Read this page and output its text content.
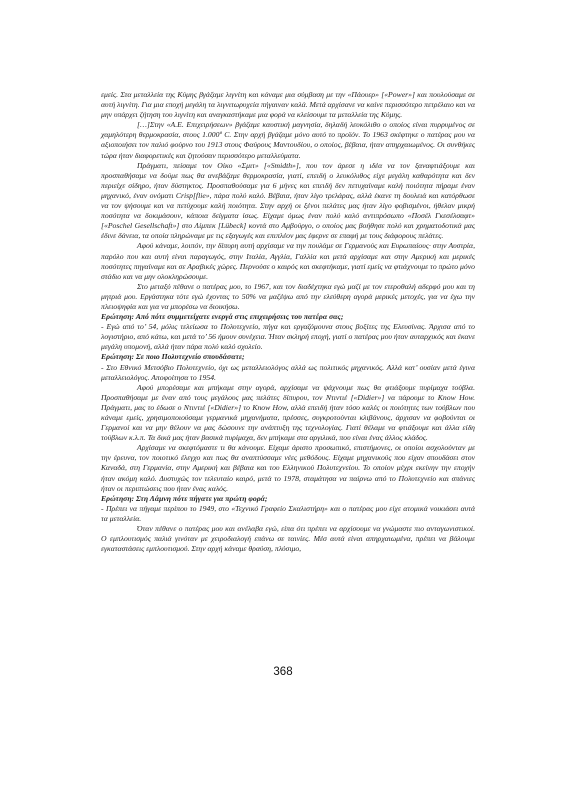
εμείς. Στα μεταλλεία της Κύμης βγάζαμε λιγνίτη και κάναμε μια σύμβαση με την «Πάουερ» [«Power»] και πουλούσαμε σε αυτή λιγνίτη. Για μια εποχή μεγάλη τα λιγνιτωρυχεία πήγαιναν καλά. Μετά αρχίσανε να καίνε περισσότερο πετρέλαιο και να μην υπάρχει ζήτηση του λιγνίτη και αναγκαστήκαμε μια φορά να κλείσουμε τα μεταλλεία της Κύμης.

[…]Στην «Α.Ε. Επιχειρήσεων» βγάζαμε καυστική μαγνησία, δηλαδή λευκόλιθο ο οποίος είναι πυρρυμένος σε χαμηλότερη θερμοκρασία, στους 1.000º C. Στην αρχή βγάζαμε μόνο αυτό το προϊόν. Το 1963 σκέφτηκε ο πατέρας μου να αξιοποιήσει τον παλιό φούρνο του 1913 στους Φαύρους Μαντουδίου, ο οποίος, βέβαια, ήταν απηρχαιωμένος. Οι συνθήκες τώρα ήταν διαφορετικές και ζητούσαν περισσότερο μεταλλεύματα.

Πράγματι, πείσαμε τον Οίκο «Σμιτ» [«Smidth»], που τον άρεσε η ιδέα να τον ξαναφτιάξουμε και προσπαθήσαμε να δούμε πως θα ανεβάζαμε θερμοκρασία, γιατί, επειδή ο λευκόλιθος είχε μεγάλη καθαρότητα και δεν περιείχε σίδηρο, ήταν δύστηκτος. Προσπαθούσαμε για 6 μήνες και επειδή δεν πετυχαίναμε καλή ποιότητα πήραμε έναν μηχανικό, έναν ονόματι Crisp[flie», πάρα πολύ καλό. Βέβαια, ήταν λίγο τρελάρας, αλλά έκανε τη δουλειά και κατόρθωσε να τον ψήσουμε και να πετύχουμε καλή ποιότητα. Στην αρχή οι ξένοι πελάτες μας ήταν λίγο φοβισμένοι, ήθελαν μικρή ποσότητα να δοκιμάσουν, κάποια δείγματα ίσως. Είχαμε όμως έναν πολύ καλό αντιπρόσωπο «Ποσέλ Γκεσέλσαφτ» [«Poschel Gesellschaft»] στο Λίμπεκ [Lübeck] κοντά στο Αμβούργο, ο οποίος μας βοήθησε πολύ και χρηματοδοτικά μας έδινε δάνεια, τα οποία πληρώναμε με τις εξαγωγές και επιπλέον μας έφερνε σε επαφή με τους διάφορους πελάτες.

Αφού κάναμε, λοιπόν, την δίπυρη αυτή αρχίσαμε να την πουλάμε σε Γερμανούς και Ευρωπαίους· στην Αυστρία, παρόλο που και αυτή είναι παραγωγός, στην Ιταλία, Αγγλία, Γαλλία και μετά αρχίσαμε και στην Αμερική και μερικές ποσότητες πηγαίναμε και σε Αραβικές χώρες. Περνούσε ο καιρός και σκεφτήκαμε, γιατί εμείς να φτιάχνουμε το πρώτο μόνο στάδιο και να μην ολοκληρώσουμε.

Στο μεταξύ πέθανε ο πατέρας μου, το 1967, και τον διαδέχτηκα εγώ μαζί με τον ετεροθαλή αδερφό μου και τη μητριά μου. Εργάστηκα τότε εγώ έχοντας το 50% να μαζέψω από την ελεύθερη αγορά μερικές μετοχές, για να έχω την πλειοψηφία και για να μπορέσω να διοικήσω.

Ερώτηση: Από πότε συμμετείχατε ενεργά στις επιχειρήσεις του πατέρα σας;

- Εγώ από το’ 54, μόλις τελείωσα το Πολυτεχνείο, πήγα και εργαζόμουνα στους βοξίτες της Ελευσίνας. Άρχισα από το λογιστήριο, από κάτω, και μετά το’ 56 ήμουν συνέχεια. Ήταν σκληρή εποχή, γιατί ο πατέρας μου ήταν αυταρχικός και έκανε μεγάλη υπομονή, αλλά ήταν πάρα πολύ καλό σχολείο.

Ερώτηση: Σε ποιο Πολυτεχνείο σπουδάσατε;

- Στο Εθνικό Μετσόβιο Πολυτεχνείο, όχι ως μεταλλειολόγος αλλά ως πολιτικός μηχανικός. Αλλά κατ’ ουσίαν μετά έγινα μεταλλειολόγος. Αποφοίτησα το 1954.

Αφού μπορέσαμε και μπήκαμε στην αγορά, αρχίσαμε να ψάχνουμε πως θα φτιάξουμε πυρίμαχα τούβλα. Προσπαθήσαμε με έναν από τους μεγάλους μας πελάτες δίπυρου, τον Ντιντιέ [«Didier»] να πάρουμε το Know How. Πράγματι, μας το έδωσε ο Ντιντιέ [«Didier»] το Know How, αλλά επειδή ήταν τόσο καλές οι ποιότητες των τούβλων που κάναμε εμείς, χρησιμοποιούσαμε γερμανικά μηχανήματα, πρέσσες, συγκροτούνται κλιβάνους, άρχισαν να φοβούνται οι Γερμανοί και να μην θέλουν να μας δώσουνε την ανάπτυξη της τεχνολογίας. Γιατί θέλαμε να φτιάξουμε και άλλα είδη τούβλων κ.λ.π. Τα δικά μας ήταν βασικά πυρίμαχα, δεν μπήκαμε στα αργιλικά, που είναι ένας άλλος κλάδος.

Αρχίσαμε να σκεφτόμαστε τι θα κάνουμε. Είχαμε άριστο προσωπικό, επιστήμονες, οι οποίοι ασχολούνταν με την έρευνα, τον ποιοτικό έλεγχο και πως θα αναπτύσσαμε νέες μεθόδους. Είχαμε μηχανικούς που είχαν σπουδάσει στον Καναδά, στη Γερμανία, στην Αμερική και βέβαια και του Ελληνικού Πολυτεχνείου. Το οποίον μέχρι εκείνην την εποχήν ήταν ακόμη καλό. Δυστυχώς τον τελευταίο καιρό, μετά το 1978, σταμάτησα να παίρνω από το Πολυτεχνείο και σπάνιες ήταν οι περιπτώσεις που ήταν ένας καλός.

Ερώτηση: Στη Λάμνη πότε πήγατε για πρώτη φορά;

- Πρέπει να πήγαμε περίπου το 1949, στο «Τεχνικό Γραφείο Σκαλιστήρη» και ο πατέρας μου είχε ατομικά νοικιάσει αυτά τα μεταλλεία.

Όταν πέθανε ο πατέρας μου και ανέλαβα εγώ, είπα ότι πρέπει να αρχίσουμε να γνώμαστε πιο ανταγωνιστικοί. Ο εμπλουτισμός παλιά γινόταν με χειροδιαλογή επάνω σε ταινίες. Μέσ αυτά είναι απηρχαιωμένα, πρέπει να βάλουμε εγκαταστάσεις εμπλουτισμού. Στην αρχή κάναμε θραύση, πλύσιμο,

368
